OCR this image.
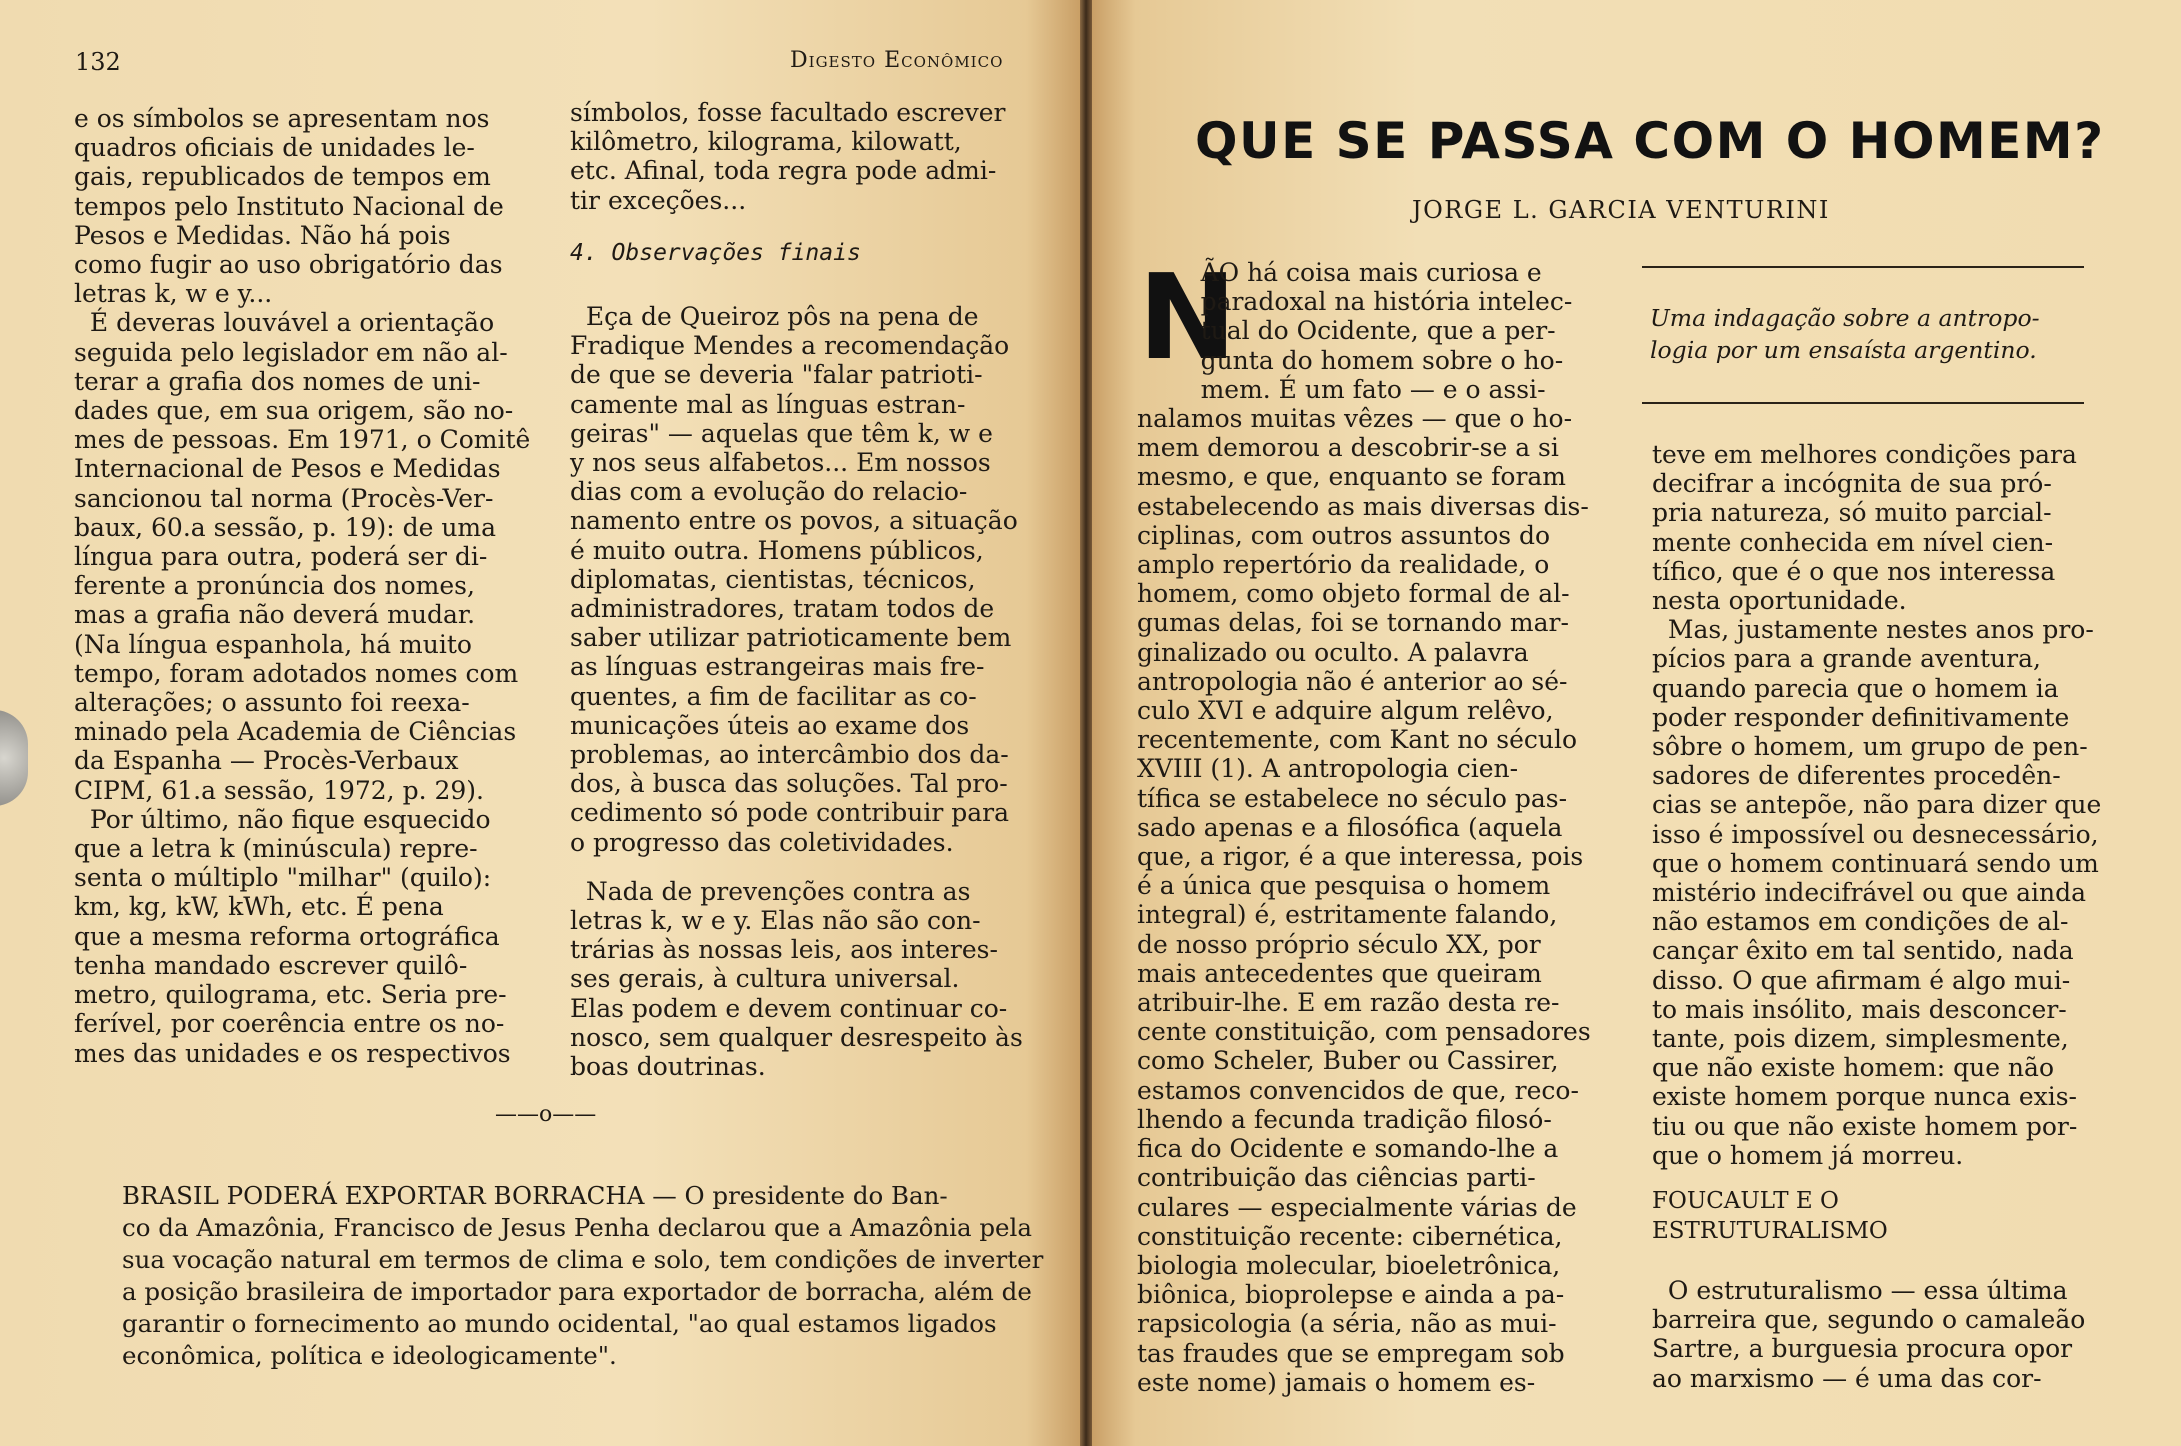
132	Digesto Econômico
e os símbolos se apresentam nos
quadros oficiais de unidades le-
gais, republicados de tempos em
tempos pelo Instituto Nacional de
Pesos e Medidas. Não há pois
como fugir ao uso obrigatório das
letras k, w e y...
É deveras louvável a orientação
seguida pelo legislador em não al-
terar a grafia dos nomes de uni-
dades que, em sua origem, são no-
mes de pessoas. Em 1971, o Comitê
Internacional de Pesos e Medidas
sancionou tal norma (Procès-Ver-
baux, 60.a sessão, p. 19): de uma
língua para outra, poderá ser di-
ferente a pronúncia dos nomes,
mas a grafia não deverá mudar.
(Na língua espanhola, há muito
tempo, foram adotados nomes com
alterações; o assunto foi reexa-
minado pela Academia de Ciências
da Espanha — Procès-Verbaux
CIPM, 61.a sessão, 1972, p. 29).
Por último, não fique esquecido
que a letra k (minúscula) repre-
senta o múltiplo "milhar" (quilo):
km, kg, kW, kWh, etc. É pena
que a mesma reforma ortográfica
tenha mandado escrever quilô-
metro, quilograma, etc. Seria pre-
ferível, por coerência entre os no-
mes das unidades e os respectivos
símbolos, fosse facultado escrever
kilômetro, kilograma, kilowatt,
etc. Afinal, toda regra pode admi-
tir exceções...
4. Observações finais
Eça de Queiroz pôs na pena de
Fradique Mendes a recomendação
de que se deveria "falar patrioti-
camente mal as línguas estran-
geiras" — aquelas que têm k, w e
y nos seus alfabetos... Em nossos
dias com a evolução do relacio-
namento entre os povos, a situação
é muito outra. Homens públicos,
diplomatas, cientistas, técnicos,
administradores, tratam todos de
saber utilizar patrioticamente bem
as línguas estrangeiras mais fre-
quentes, a fim de facilitar as co-
municações úteis ao exame dos
problemas, ao intercâmbio dos da-
dos, à busca das soluções. Tal pro-
cedimento só pode contribuir para
o progresso das coletividades.
Nada de prevenções contra as
letras k, w e y. Elas não são con-
trárias às nossas leis, aos interes-
ses gerais, à cultura universal.
Elas podem e devem continuar co-
nosco, sem qualquer desrespeito às
boas doutrinas.
——o——
BRASIL PODERÁ EXPORTAR BORRACHA — O presidente do Ban-
co da Amazônia, Francisco de Jesus Penha declarou que a Amazônia pela
sua vocação natural em termos de clima e solo, tem condições de inverter
a posição brasileira de importador para exportador de borracha, além de
garantir o fornecimento ao mundo ocidental, "ao qual estamos ligados
econômica, política e ideologicamente".
QUE SE PASSA COM O HOMEM?
JORGE L. GARCIA VENTURINI
Uma indagação sobre a antropo-
logia por um ensaísta argentino.
N
ÃO há coisa mais curiosa e
paradoxal na história intelec-
tual do Ocidente, que a per-
gunta do homem sobre o ho-
mem. É um fato — e o assi-
nalamos muitas vêzes — que o ho-
mem demorou a descobrir-se a si
mesmo, e que, enquanto se foram
estabelecendo as mais diversas dis-
ciplinas, com outros assuntos do
amplo repertório da realidade, o
homem, como objeto formal de al-
gumas delas, foi se tornando mar-
ginalizado ou oculto. A palavra
antropologia não é anterior ao sé-
culo XVI e adquire algum relêvo,
recentemente, com Kant no século
XVIII (1). A antropologia cien-
tífica se estabelece no século pas-
sado apenas e a filosófica (aquela
que, a rigor, é a que interessa, pois
é a única que pesquisa o homem
integral) é, estritamente falando,
de nosso próprio século XX, por
mais antecedentes que queiram
atribuir-lhe. E em razão desta re-
cente constituição, com pensadores
como Scheler, Buber ou Cassirer,
estamos convencidos de que, reco-
lhendo a fecunda tradição filosó-
fica do Ocidente e somando-lhe a
contribuição das ciências parti-
culares — especialmente várias de
constituição recente: cibernética,
biologia molecular, bioeletrônica,
biônica, bioprolepse e ainda a pa-
rapsicologia (a séria, não as mui-
tas fraudes que se empregam sob
este nome) jamais o homem es-
teve em melhores condições para
decifrar a incógnita de sua pró-
pria natureza, só muito parcial-
mente conhecida em nível cien-
tífico, que é o que nos interessa
nesta oportunidade.
Mas, justamente nestes anos pro-
pícios para a grande aventura,
quando parecia que o homem ia
poder responder definitivamente
sôbre o homem, um grupo de pen-
sadores de diferentes procedên-
cias se antepõe, não para dizer que
isso é impossível ou desnecessário,
que o homem continuará sendo um
mistério indecifrável ou que ainda
não estamos em condições de al-
cançar êxito em tal sentido, nada
disso. O que afirmam é algo mui-
to mais insólito, mais desconcer-
tante, pois dizem, simplesmente,
que não existe homem: que não
existe homem porque nunca exis-
tiu ou que não existe homem por-
que o homem já morreu.
FOUCAULT E O
ESTRUTURALISMO
O estruturalismo — essa última
barreira que, segundo o camaleão
Sartre, a burguesia procura opor
ao marxismo — é uma das cor-
